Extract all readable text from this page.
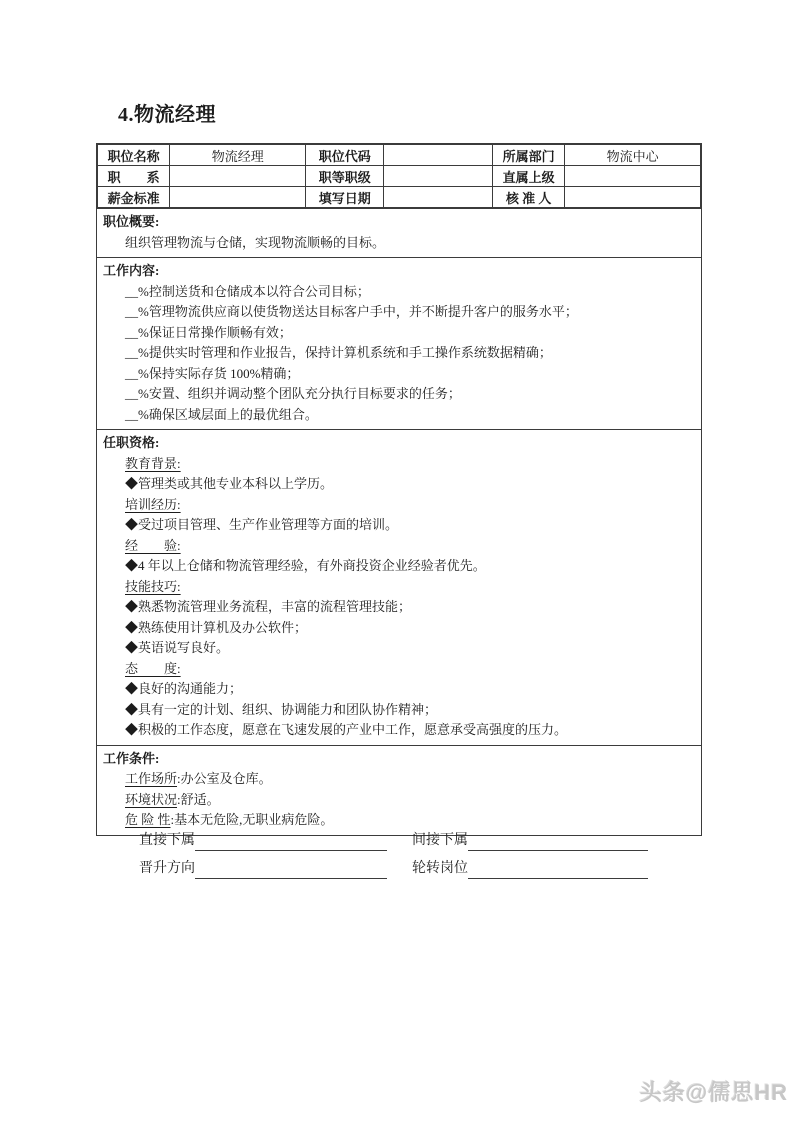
4.物流经理
职位名称	物流经理	职位代码		所属部门	物流中心
职　　系		职等职级		直属上级	
薪金标准		填写日期		核 准 人	
职位概要:
组织管理物流与仓储，实现物流顺畅的目标。
工作内容:
__%控制送货和仓储成本以符合公司目标；
__%管理物流供应商以使货物送达目标客户手中，并不断提升客户的服务水平；
__%保证日常操作顺畅有效；
__%提供实时管理和作业报告，保持计算机系统和手工操作系统数据精确；
__%保持实际存货 100%精确；
__%安置、组织并调动整个团队充分执行目标要求的任务；
__%确保区域层面上的最优组合。
任职资格:
教育背景:
◆管理类或其他专业本科以上学历。
培训经历:
◆受过项目管理、生产作业管理等方面的培训。
经　　验:
◆4 年以上仓储和物流管理经验，有外商投资企业经验者优先。
技能技巧:
◆熟悉物流管理业务流程，丰富的流程管理技能；
◆熟练使用计算机及办公软件；
◆英语说写良好。
态　　度:
◆良好的沟通能力；
◆具有一定的计划、组织、协调能力和团队协作精神；
◆积极的工作态度，愿意在飞速发展的产业中工作，愿意承受高强度的压力。
工作条件:
工作场所:办公室及仓库。
环境状况:舒适。
危 险 性:基本无危险,无职业病危险。
直接下属	间接下属
晋升方向	轮转岗位
头条@儒思HR
